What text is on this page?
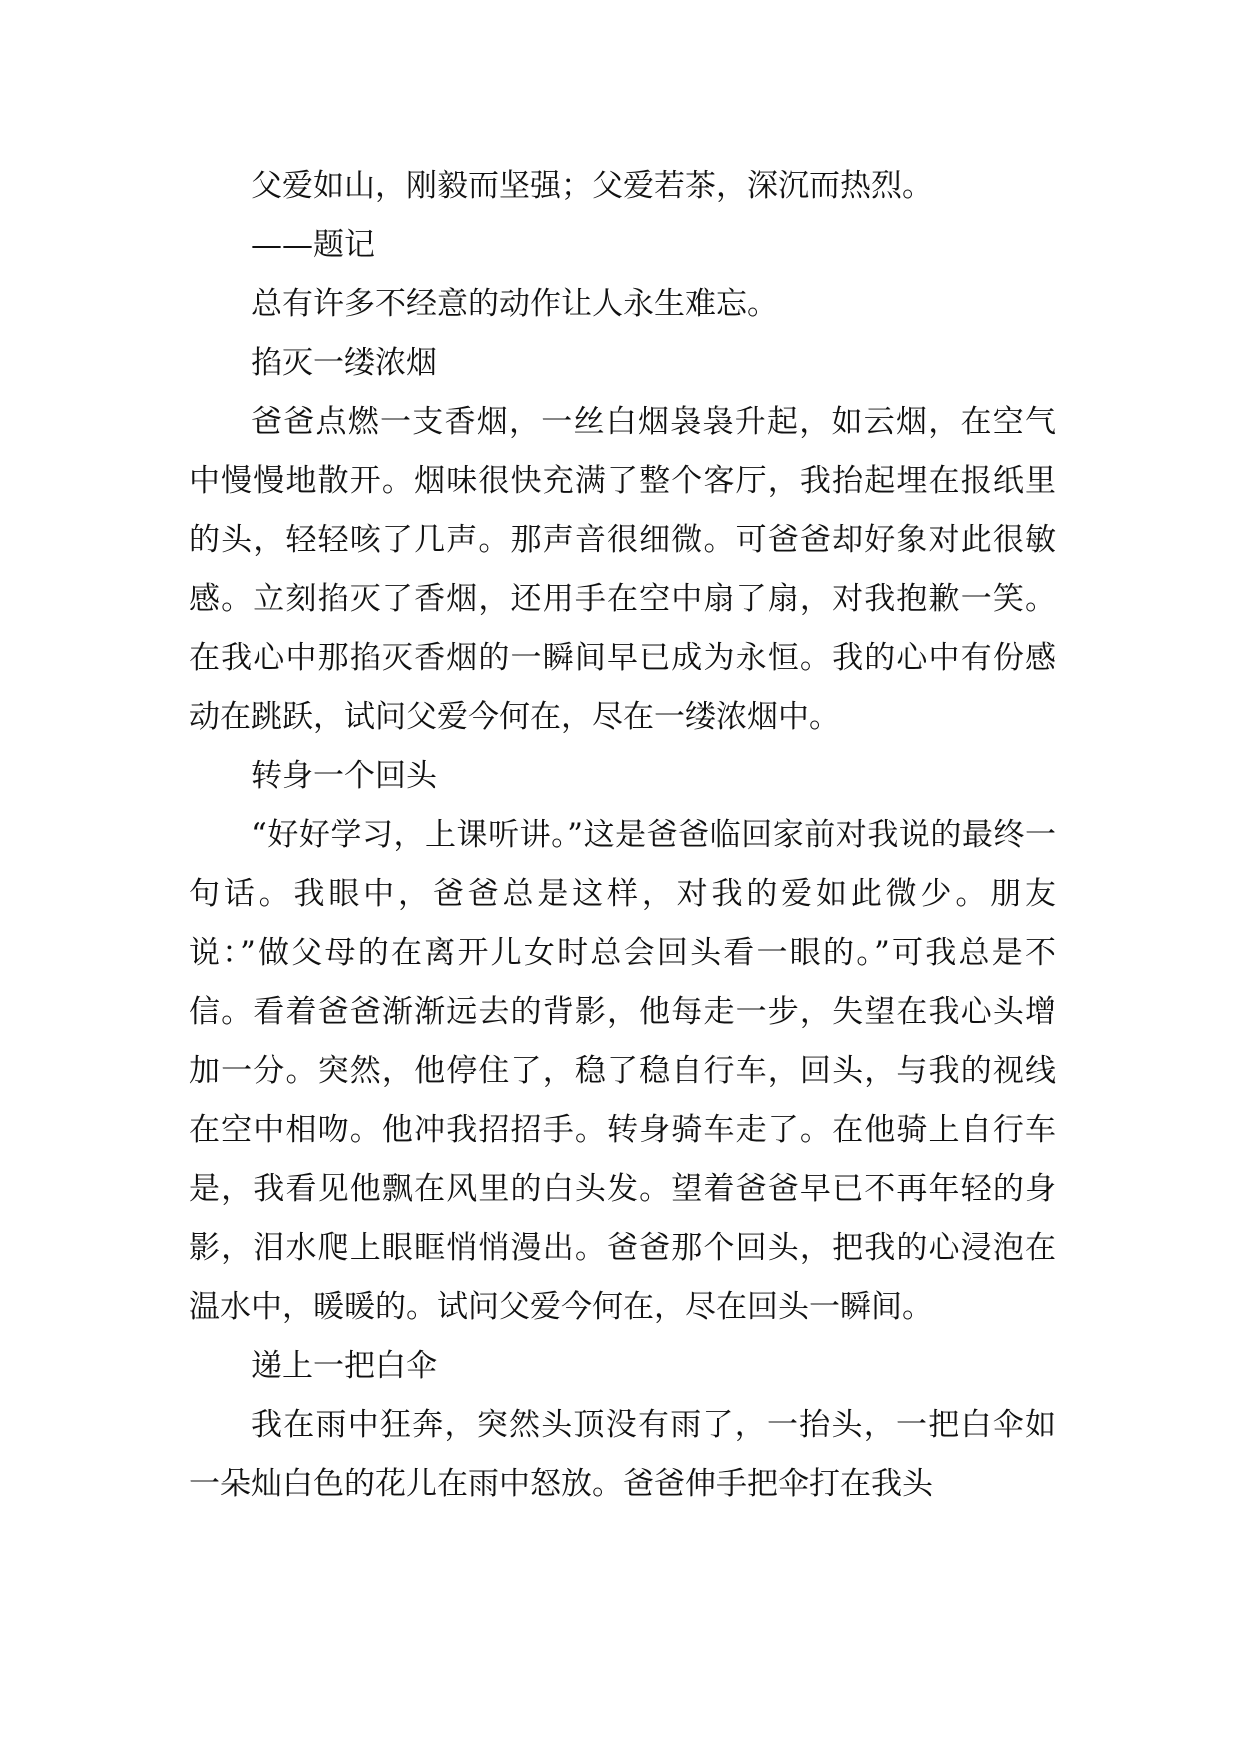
父爱如山，刚毅而坚强；父爱若茶，深沉而热烈。

——题记

总有许多不经意的动作让人永生难忘。

掐灭一缕浓烟

爸爸点燃一支香烟，一丝白烟袅袅升起，如云烟，在空气中慢慢地散开。烟味很快充满了整个客厅，我抬起埋在报纸里的头，轻轻咳了几声。那声音很细微。可爸爸却好象对此很敏感。立刻掐灭了香烟，还用手在空中扇了扇，对我抱歉一笑。在我心中那掐灭香烟的一瞬间早已成为永恒。我的心中有份感动在跳跃，试问父爱今何在，尽在一缕浓烟中。

转身一个回头

“好好学习，上课听讲。”这是爸爸临回家前对我说的最终一句话。我眼中，爸爸总是这样，对我的爱如此微少。朋友说：”做父母的在离开儿女时总会回头看一眼的。”可我总是不信。看着爸爸渐渐远去的背影，他每走一步，失望在我心头增加一分。突然，他停住了，稳了稳自行车，回头，与我的视线在空中相吻。他冲我招招手。转身骑车走了。在他骑上自行车是，我看见他飘在风里的白头发。望着爸爸早已不再年轻的身影，泪水爬上眼眶悄悄漫出。爸爸那个回头，把我的心浸泡在温水中，暖暖的。试问父爱今何在，尽在回头一瞬间。

递上一把白伞

我在雨中狂奔，突然头顶没有雨了，一抬头，一把白伞如一朵灿白色的花儿在雨中怒放。爸爸伸手把伞打在我头
